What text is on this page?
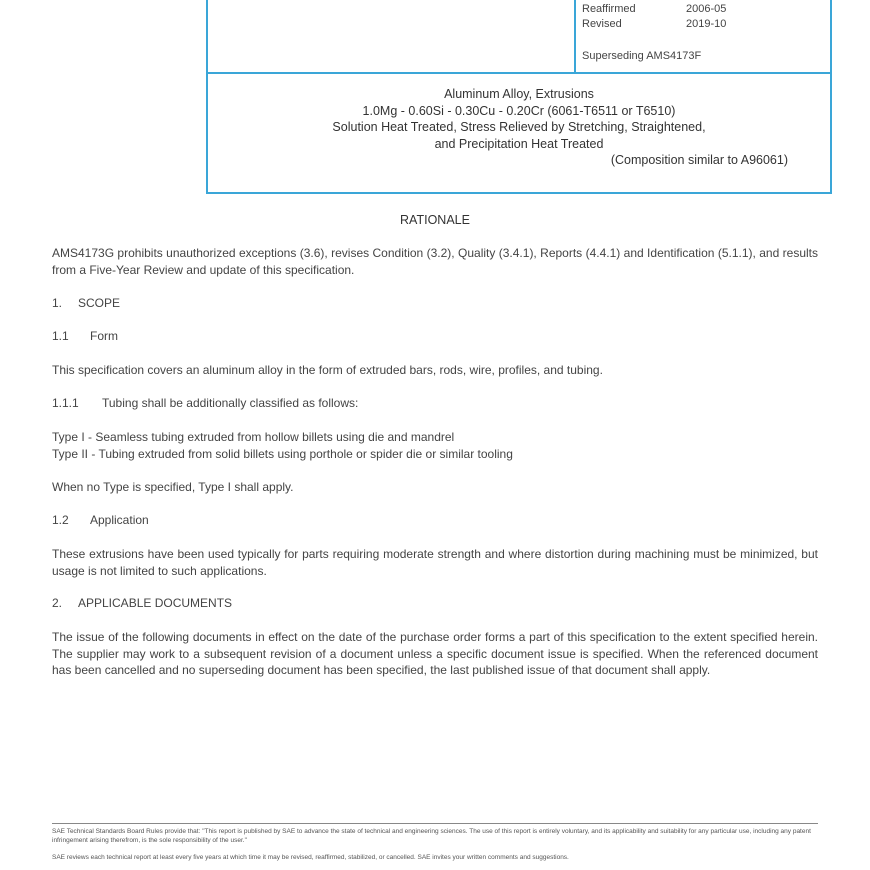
Reaffirmed	2006-05
Revised	2019-10
Superseding AMS4173F
Aluminum Alloy, Extrusions
1.0Mg - 0.60Si - 0.30Cu - 0.20Cr (6061-T6511 or T6510)
Solution Heat Treated, Stress Relieved by Stretching, Straightened,
and Precipitation Heat Treated
(Composition similar to A96061)
RATIONALE
AMS4173G prohibits unauthorized exceptions (3.6), revises Condition (3.2), Quality (3.4.1), Reports (4.4.1) and Identification (5.1.1), and results from a Five-Year Review and update of this specification.
1.	SCOPE
1.1	Form
This specification covers an aluminum alloy in the form of extruded bars, rods, wire, profiles, and tubing.
1.1.1	Tubing shall be additionally classified as follows:
Type I - Seamless tubing extruded from hollow billets using die and mandrel
Type II - Tubing extruded from solid billets using porthole or spider die or similar tooling
When no Type is specified, Type I shall apply.
1.2	Application
These extrusions have been used typically for parts requiring moderate strength and where distortion during machining must be minimized, but usage is not limited to such applications.
2.	APPLICABLE DOCUMENTS
The issue of the following documents in effect on the date of the purchase order forms a part of this specification to the extent specified herein. The supplier may work to a subsequent revision of a document unless a specific document issue is specified. When the referenced document has been cancelled and no superseding document has been specified, the last published issue of that document shall apply.
SAE Technical Standards Board Rules provide that: "This report is published by SAE to advance the state of technical and engineering sciences. The use of this report is entirely voluntary, and its applicability and suitability for any particular use, including any patent infringement arising therefrom, is the sole responsibility of the user."
SAE reviews each technical report at least every five years at which time it may be revised, reaffirmed, stabilized, or cancelled. SAE invites your written comments and suggestions.
